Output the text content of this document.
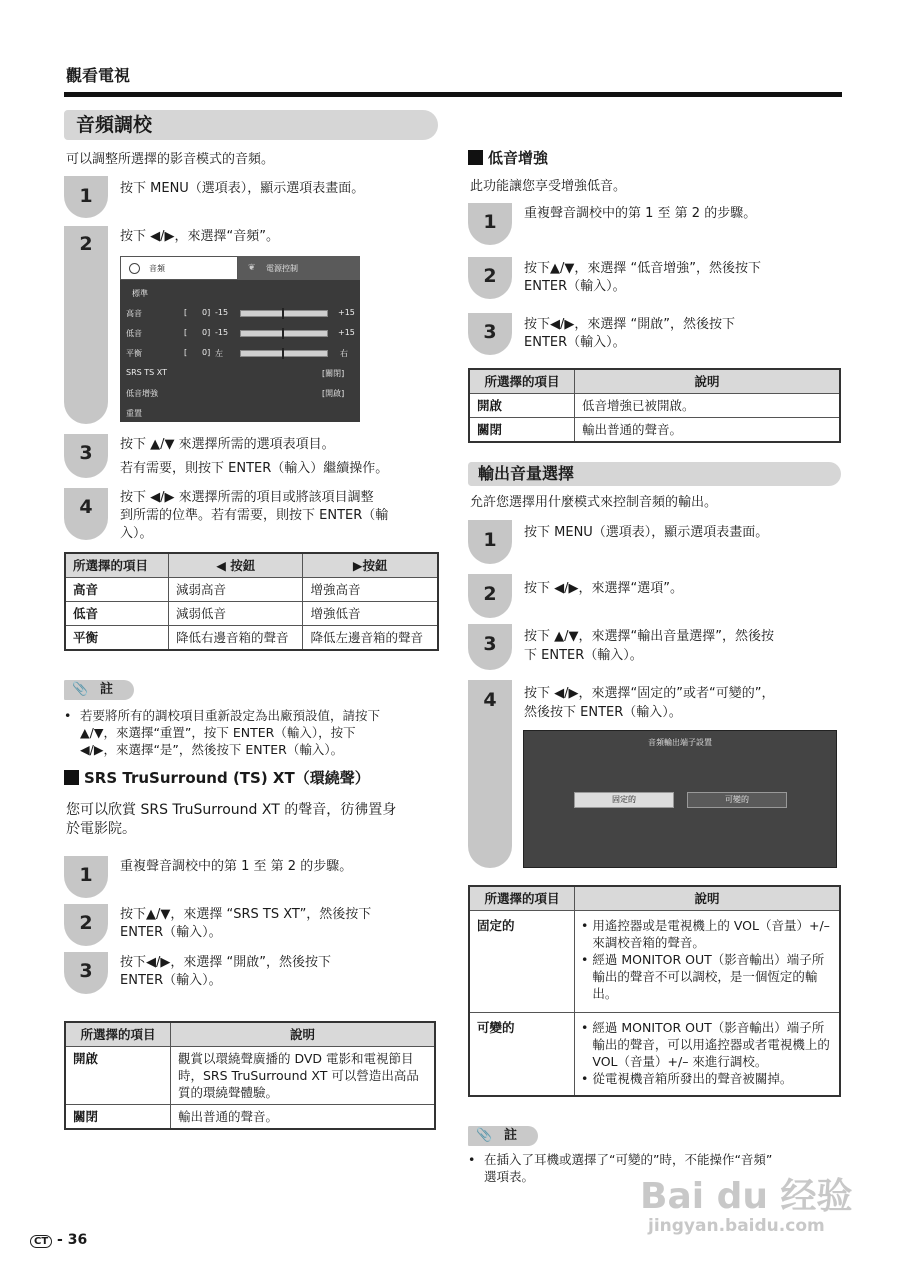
觀看電視
音頻調校
可以調整所選擇的影音模式的音頻。
1	按下 MENU（選項表），顯示選項表畫面。
2	按下 ◀/▶，來選擇“音頻”。
音頻	❦ 電源控制
標準
高音	[ 0] -15	+15
低音	[ 0] -15	+15
平衡	[ 0] 左	右
SRS TS XT	[關閉]
低音增強	[開啟]
重置
3	按下 ▲/▼ 來選擇所需的選項表項目。
若有需要，則按下 ENTER（輸入）繼續操作。
4	按下 ◀/▶ 來選擇所需的項目或將該項目調整
到所需的位準。若有需要，則按下 ENTER（輸
入）。
所選擇的項目	◀ 按鈕	▶按鈕
高音	減弱高音	增強高音
低音	減弱低音	增強低音
平衡	降低右邊音箱的聲音	降低左邊音箱的聲音
📎 註
• 若要將所有的調校項目重新設定為出廠預設值，請按下
▲/▼，來選擇“重置”，按下 ENTER（輸入），按下
◀/▶，來選擇“是”，然後按下 ENTER（輸入）。
SRS TruSurround (TS) XT（環繞聲）
您可以欣賞 SRS TruSurround XT 的聲音，彷彿置身
於電影院。
1	重複聲音調校中的第 1 至 第 2 的步驟。
2	按下▲/▼，來選擇 “SRS TS XT”，然後按下
ENTER（輸入）。
3	按下◀/▶，來選擇 “開啟”，然後按下
ENTER（輸入）。
所選擇的項目	說明
開啟	觀賞以環繞聲廣播的 DVD 電影和電視節目時，SRS TruSurround XT 可以營造出高品質的環繞聲體驗。
關閉	輸出普通的聲音。
低音增強
此功能讓您享受增強低音。
1	重複聲音調校中的第 1 至 第 2 的步驟。
2	按下▲/▼，來選擇 “低音增強”，然後按下
ENTER（輸入）。
3	按下◀/▶，來選擇 “開啟”，然後按下
ENTER（輸入）。
所選擇的項目	說明
開啟	低音增強已被開啟。
關閉	輸出普通的聲音。
輸出音量選擇
允許您選擇用什麼模式來控制音頻的輸出。
1	按下 MENU（選項表），顯示選項表畫面。
2	按下 ◀/▶，來選擇“選項”。
3	按下 ▲/▼，來選擇“輸出音量選擇”，然後按
下 ENTER（輸入）。
4	按下 ◀/▶，來選擇“固定的”或者“可變的”，
然後按下 ENTER（輸入）。
音頻輸出端子設置
固定的	可變的
所選擇的項目	說明
固定的	• 用遙控器或是電視機上的 VOL（音量）+/– 來調校音箱的聲音。
• 經過 MONITOR OUT（影音輸出）端子所輸出的聲音不可以調校，是一個恆定的輸出。

可變的	• 經過 MONITOR OUT（影音輸出）端子所輸出的聲音，可以用遙控器或者電視機上的 VOL（音量）+/– 來進行調校。
• 從電視機音箱所發出的聲音被關掉。
📎 註
• 在插入了耳機或選擇了“可變的”時，不能操作“音頻”
選項表。	Bai du 经验
jingyan.baidu.com
CT - 36
